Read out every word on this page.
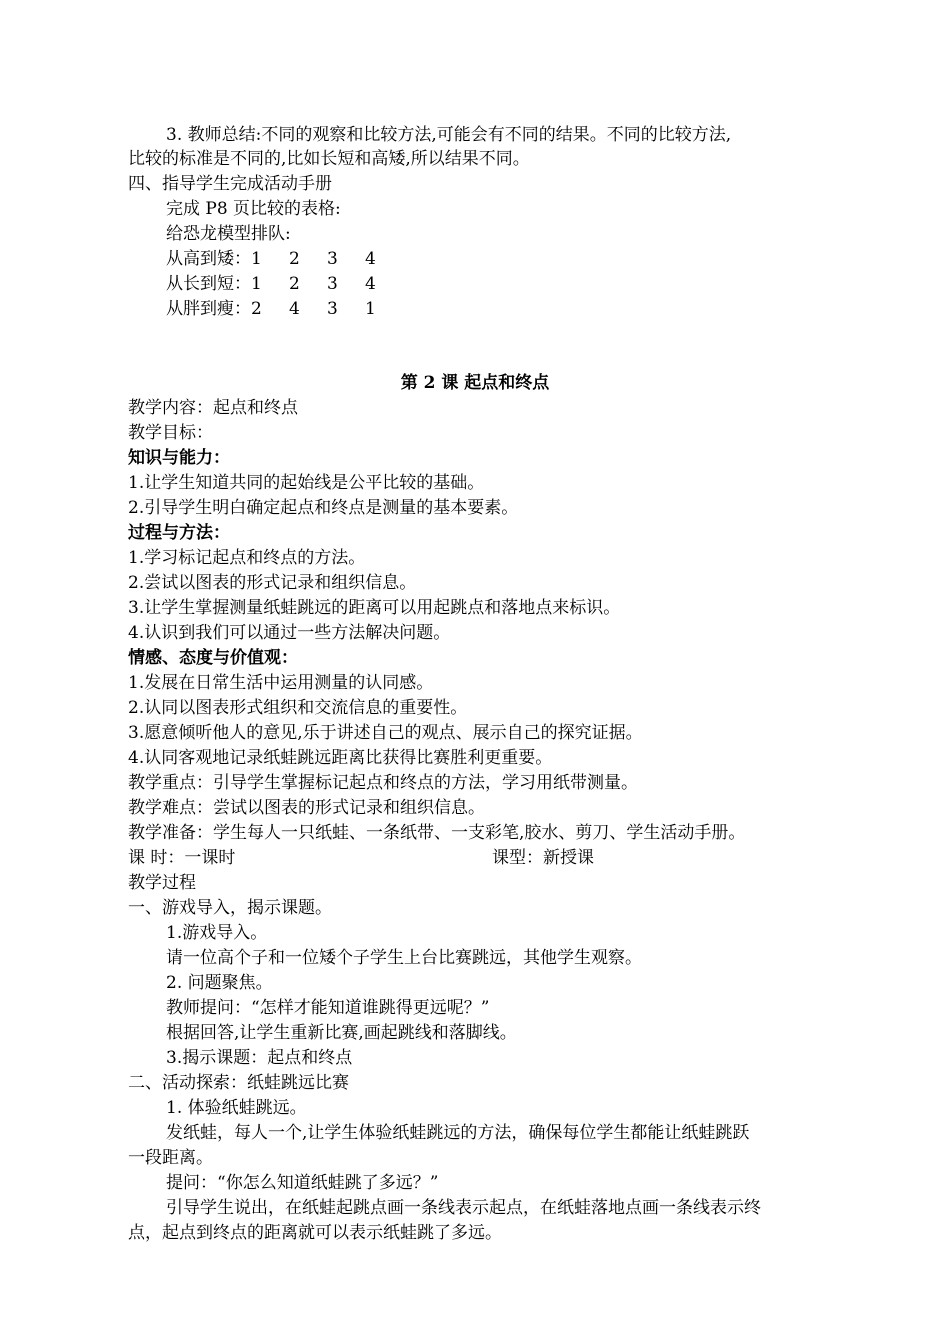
3. 教师总结:不同的观察和比较方法,可能会有不同的结果。不同的比较方法,
比较的标准是不同的,比如长短和高矮,所以结果不同。
四、指导学生完成活动手册
完成 P8 页比较的表格:
给恐龙模型排队:
从高到矮：1 2 3 4
从长到短：1 2 3 4
从胖到瘦：2 4 3 1
第 2 课 起点和终点
教学内容：起点和终点
教学目标：
知识与能力：
1.让学生知道共同的起始线是公平比较的基础。
2.引导学生明白确定起点和终点是测量的基本要素。
过程与方法：
1.学习标记起点和终点的方法。
2.尝试以图表的形式记录和组织信息。
3.让学生掌握测量纸蛙跳远的距离可以用起跳点和落地点来标识。
4.认识到我们可以通过一些方法解决问题。
情感、态度与价值观：
1.发展在日常生活中运用测量的认同感。
2.认同以图表形式组织和交流信息的重要性。
3.愿意倾听他人的意见,乐于讲述自己的观点、展示自己的探究证据。
4.认同客观地记录纸蛙跳远距离比获得比赛胜利更重要。
教学重点：引导学生掌握标记起点和终点的方法，学习用纸带测量。
教学难点：尝试以图表的形式记录和组织信息。
教学准备：学生每人一只纸蛙、一条纸带、一支彩笔,胶水、剪刀、学生活动手册。
课 时：一课时	课型：新授课
教学过程
一、游戏导入，揭示课题。
1.游戏导入。
请一位高个子和一位矮个子学生上台比赛跳远，其他学生观察。
2. 问题聚焦。
教师提问：“怎样才能知道谁跳得更远呢？”
根据回答,让学生重新比赛,画起跳线和落脚线。
3.揭示课题：起点和终点
二、活动探索：纸蛙跳远比赛
1. 体验纸蛙跳远。
发纸蛙，每人一个,让学生体验纸蛙跳远的方法，确保每位学生都能让纸蛙跳跃
一段距离。
提问：“你怎么知道纸蛙跳了多远？”
引导学生说出，在纸蛙起跳点画一条线表示起点，在纸蛙落地点画一条线表示终
点，起点到终点的距离就可以表示纸蛙跳了多远。
